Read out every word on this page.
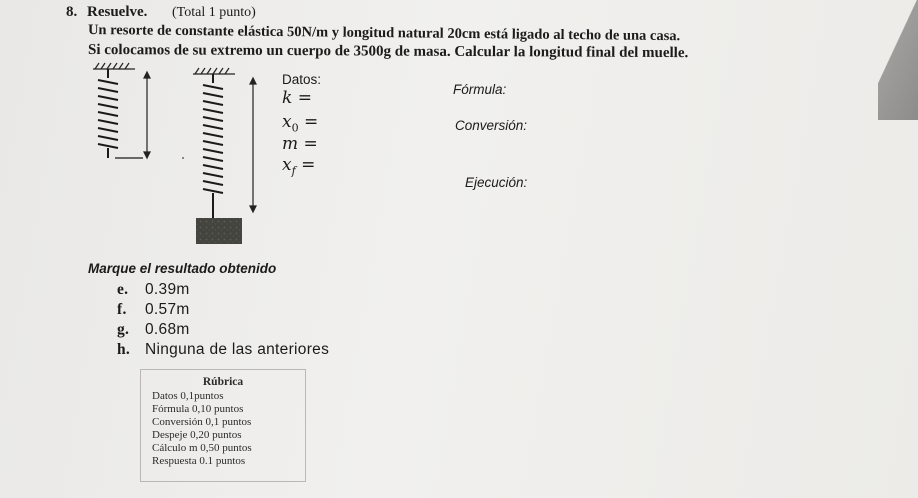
8. Resuelve. (Total 1 punto)
Un resorte de constante elástica 50N/m y longitud natural 20cm está ligado al techo de una casa.
Si colocamos de su extremo un cuerpo de 3500g de masa. Calcular la longitud final del muelle.
Datos:
k =
$x_0$ =
m =
$x_f$ =
Fórmula:
Conversión:
Ejecución:
Marque el resultado obtenido
e. 0.39m
f. 0.57m
g. 0.68m
h. Ninguna de las anteriores
Rúbrica
Datos 0,1puntos
Fórmula 0,10 puntos
Conversión 0,1 puntos
Despeje 0,20 puntos
Cálculo m 0,50 puntos
Respuesta 0.1 puntos
